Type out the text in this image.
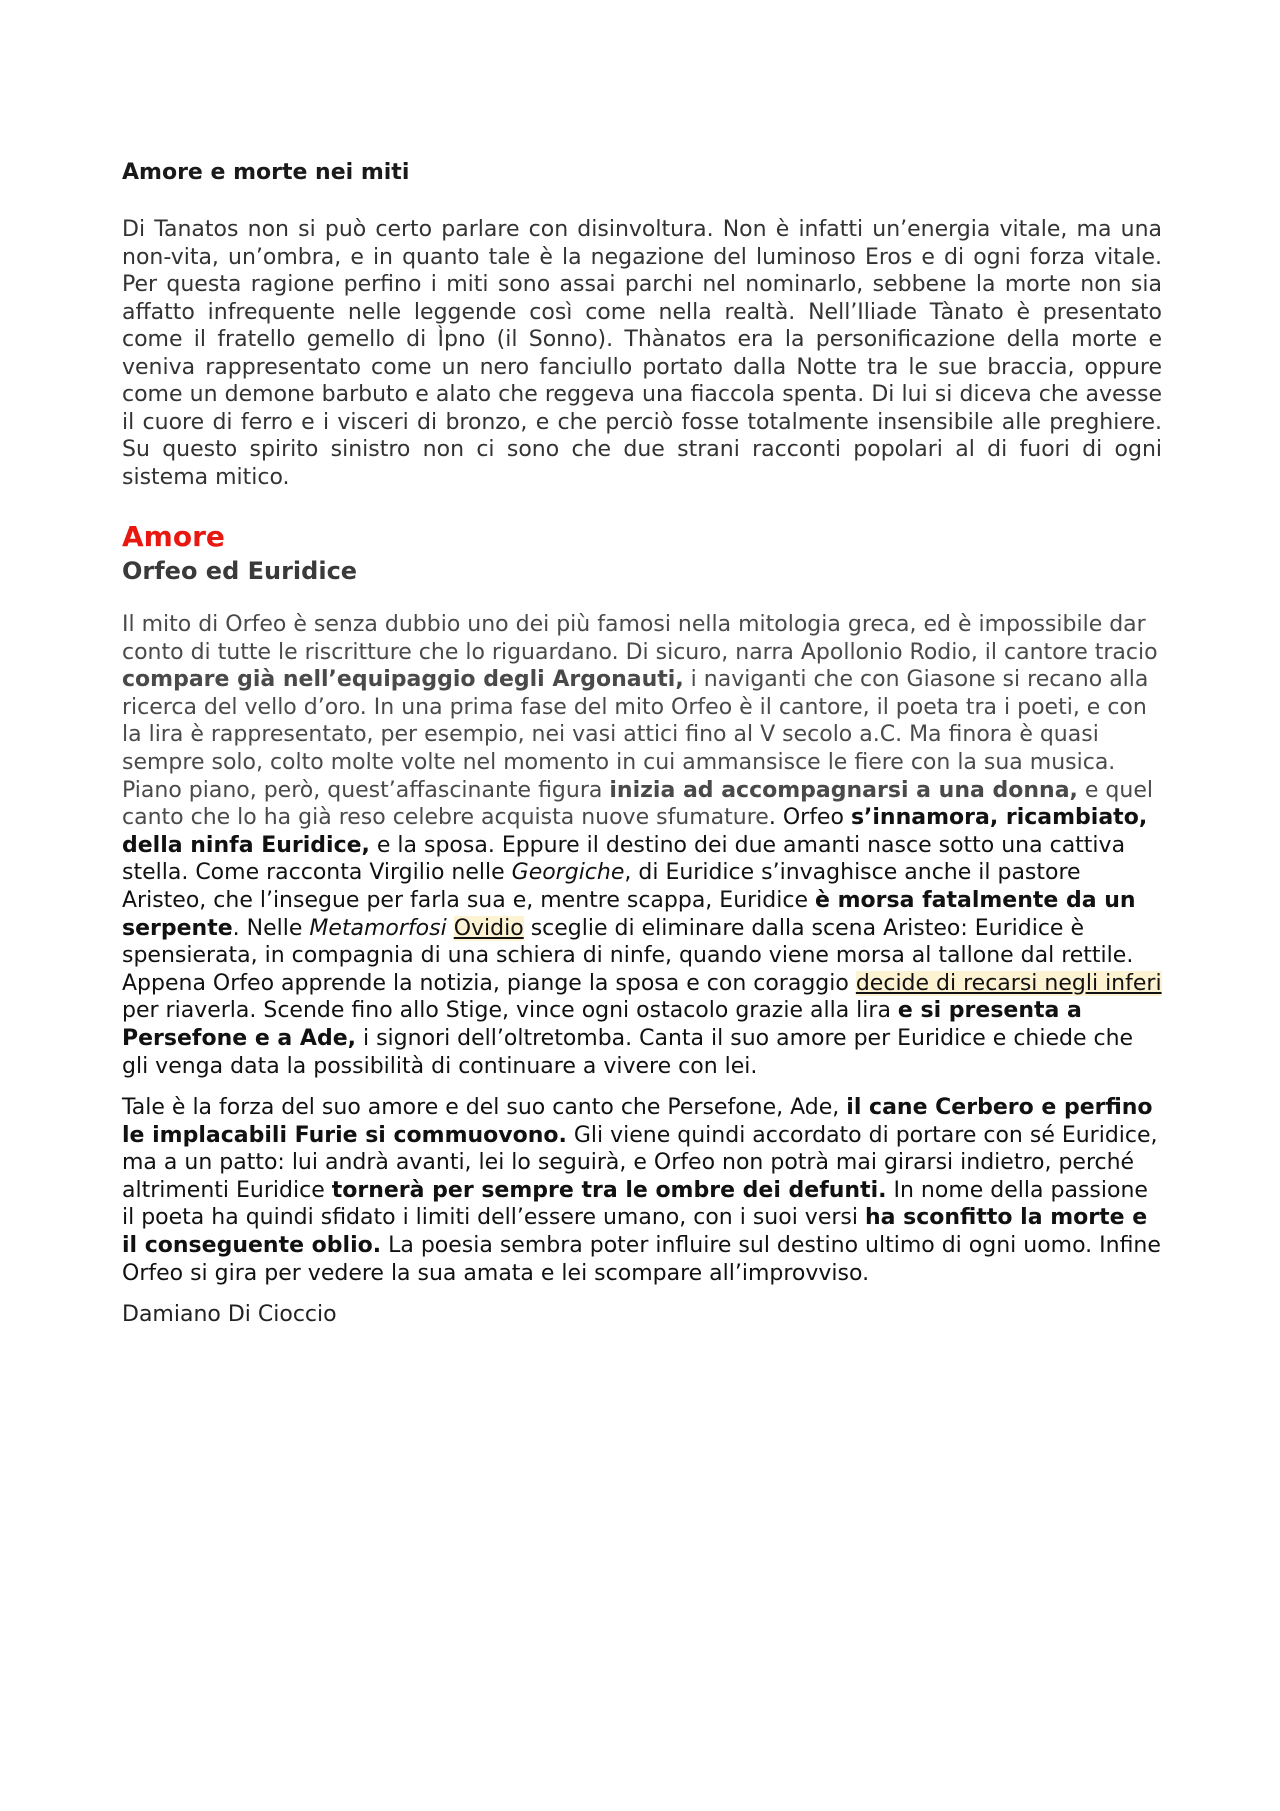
Amore e morte nei miti

Di Tanatos non si può certo parlare con disinvoltura. Non è infatti un’energia vitale, ma una non-vita, un’ombra, e in quanto tale è la negazione del luminoso Eros e di ogni forza vitale. Per questa ragione perfino i miti sono assai parchi nel nominarlo, sebbene la morte non sia affatto infrequente nelle leggende così come nella realtà. Nell’Iliade Tànato è presentato come il fratello gemello di Ìpno (il Sonno). Thànatos era la personificazione della morte e veniva rappresentato come un nero fanciullo portato dalla Notte tra le sue braccia, oppure come un demone barbuto e alato che reggeva una fiaccola spenta. Di lui si diceva che avesse il cuore di ferro e i visceri di bronzo, e che perciò fosse totalmente insensibile alle preghiere. Su questo spirito sinistro non ci sono che due strani racconti popolari al di fuori di ogni sistema mitico.

Amore
Orfeo ed Euridice

Il mito di Orfeo è senza dubbio uno dei più famosi nella mitologia greca, ed è impossibile dar conto di tutte le riscritture che lo riguardano. Di sicuro, narra Apollonio Rodio, il cantore tracio compare già nell’equipaggio degli Argonauti, i naviganti che con Giasone si recano alla ricerca del vello d’oro. In una prima fase del mito Orfeo è il cantore, il poeta tra i poeti, e con la lira è rappresentato, per esempio, nei vasi attici fino al V secolo a.C. Ma finora è quasi sempre solo, colto molte volte nel momento in cui ammansisce le fiere con la sua musica. Piano piano, però, quest’affascinante figura inizia ad accompagnarsi a una donna, e quel canto che lo ha già reso celebre acquista nuove sfumature. Orfeo s’innamora, ricambiato, della ninfa Euridice, e la sposa. Eppure il destino dei due amanti nasce sotto una cattiva stella. Come racconta Virgilio nelle Georgiche, di Euridice s’invaghisce anche il pastore Aristeo, che l’insegue per farla sua e, mentre scappa, Euridice è morsa fatalmente da un serpente. Nelle Metamorfosi Ovidio sceglie di eliminare dalla scena Aristeo: Euridice è spensierata, in compagnia di una schiera di ninfe, quando viene morsa al tallone dal rettile. Appena Orfeo apprende la notizia, piange la sposa e con coraggio decide di recarsi negli inferi per riaverla. Scende fino allo Stige, vince ogni ostacolo grazie alla lira e si presenta a Persefone e a Ade, i signori dell’oltretomba. Canta il suo amore per Euridice e chiede che gli venga data la possibilità di continuare a vivere con lei.

Tale è la forza del suo amore e del suo canto che Persefone, Ade, il cane Cerbero e perfino le implacabili Furie si commuovono. Gli viene quindi accordato di portare con sé Euridice, ma a un patto: lui andrà avanti, lei lo seguirà, e Orfeo non potrà mai girarsi indietro, perché altrimenti Euridice tornerà per sempre tra le ombre dei defunti. In nome della passione il poeta ha quindi sfidato i limiti dell’essere umano, con i suoi versi ha sconfitto la morte e il conseguente oblio. La poesia sembra poter influire sul destino ultimo di ogni uomo. Infine Orfeo si gira per vedere la sua amata e lei scompare all’improvviso.

Damiano Di Cioccio
